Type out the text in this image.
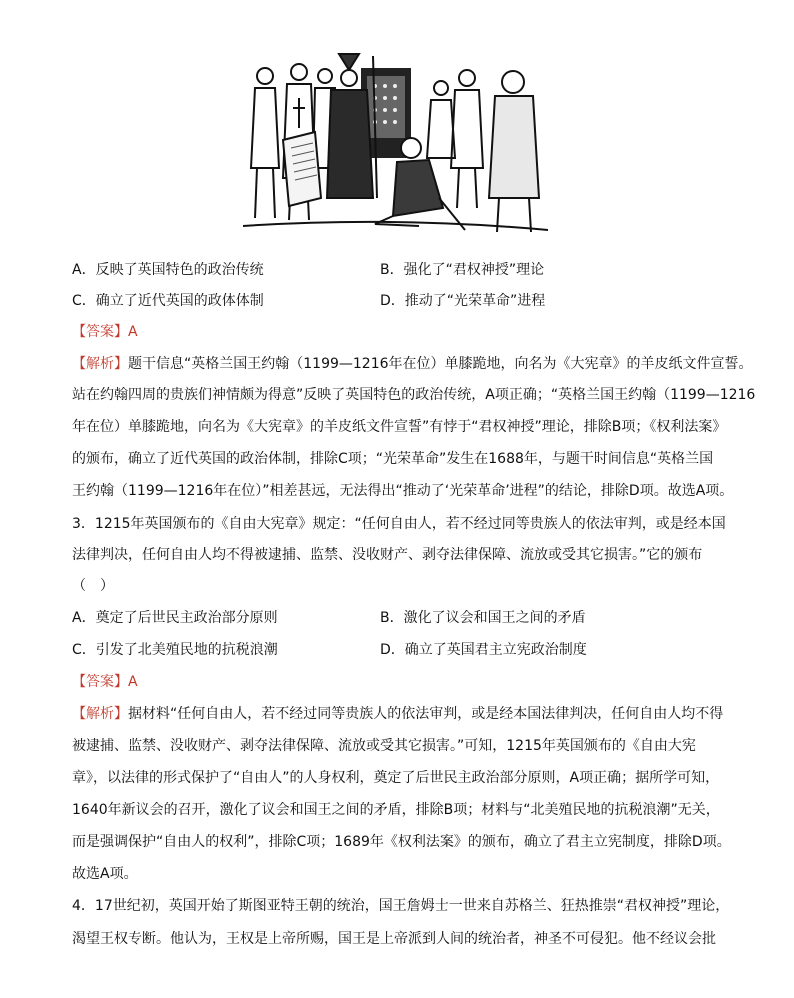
A．反映了英国特色的政治传统	B．强化了“君权神授”理论
C．确立了近代英国的政体体制	D．推动了“光荣革命”进程
【答案】A
【解析】题干信息“英格兰国王约翰（1199—1216年在位）单膝跪地，向名为《大宪章》的羊皮纸文件宣誓。
站在约翰四周的贵族们神情颇为得意”反映了英国特色的政治传统，A项正确；“英格兰国王约翰（1199—1216
年在位）单膝跪地，向名为《大宪章》的羊皮纸文件宣誓”有悖于“君权神授”理论，排除B项；《权利法案》
的颁布，确立了近代英国的政治体制，排除C项；“光荣革命”发生在1688年，与题干时间信息“英格兰国
王约翰（1199—1216年在位）”相差甚远，无法得出“推动了‘光荣革命’进程”的结论，排除D项。故选A项。
3．1215年英国颁布的《自由大宪章》规定：“任何自由人，若不经过同等贵族人的依法审判，或是经本国
法律判决，任何自由人均不得被逮捕、监禁、没收财产、剥夺法律保障、流放或受其它损害。”它的颁布
（　）
A．奠定了后世民主政治部分原则	B．激化了议会和国王之间的矛盾
C．引发了北美殖民地的抗税浪潮	D．确立了英国君主立宪政治制度
【答案】A
【解析】据材料“任何自由人，若不经过同等贵族人的依法审判，或是经本国法律判决，任何自由人均不得
被逮捕、监禁、没收财产、剥夺法律保障、流放或受其它损害。”可知，1215年英国颁布的《自由大宪
章》，以法律的形式保护了“自由人”的人身权利，奠定了后世民主政治部分原则，A项正确；据所学可知，
1640年新议会的召开，激化了议会和国王之间的矛盾，排除B项；材料与“北美殖民地的抗税浪潮”无关，
而是强调保护“自由人的权利”，排除C项；1689年《权利法案》的颁布，确立了君主立宪制度，排除D项。
故选A项。
4．17世纪初，英国开始了斯图亚特王朝的统治，国王詹姆士一世来自苏格兰、狂热推崇“君权神授”理论，
渴望王权专断。他认为，王权是上帝所赐，国王是上帝派到人间的统治者，神圣不可侵犯。他不经议会批
